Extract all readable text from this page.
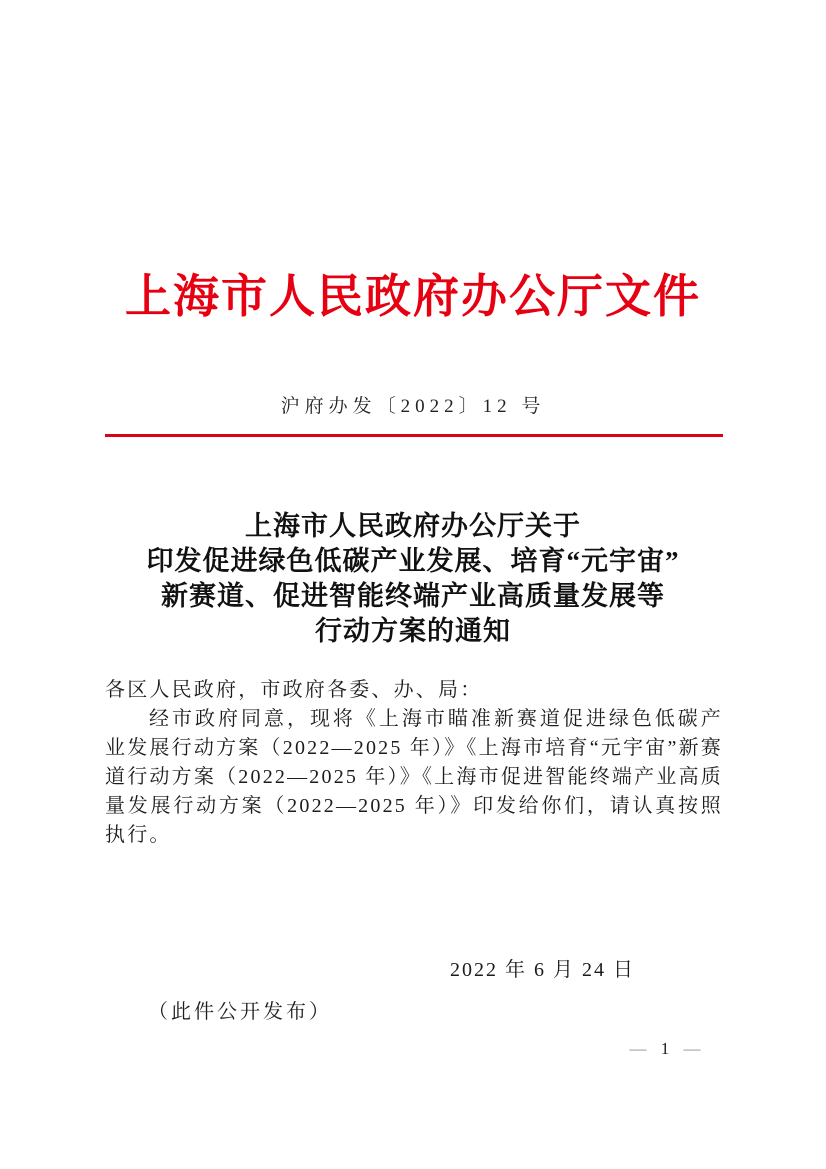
上海市人民政府办公厅文件
沪府办发〔2022〕12 号
上海市人民政府办公厅关于
印发促进绿色低碳产业发展、培育“元宇宙”
新赛道、促进智能终端产业高质量发展等
行动方案的通知
各区人民政府，市政府各委、办、局：
经市政府同意，现将《上海市瞄准新赛道促进绿色低碳产业发展行动方案（2022—2025 年）》《上海市培育“元宇宙”新赛道行动方案（2022—2025 年）》《上海市促进智能终端产业高质量发展行动方案（2022—2025 年）》印发给你们，请认真按照执行。
2022 年 6 月 24 日
（此件公开发布）
— 1 —
